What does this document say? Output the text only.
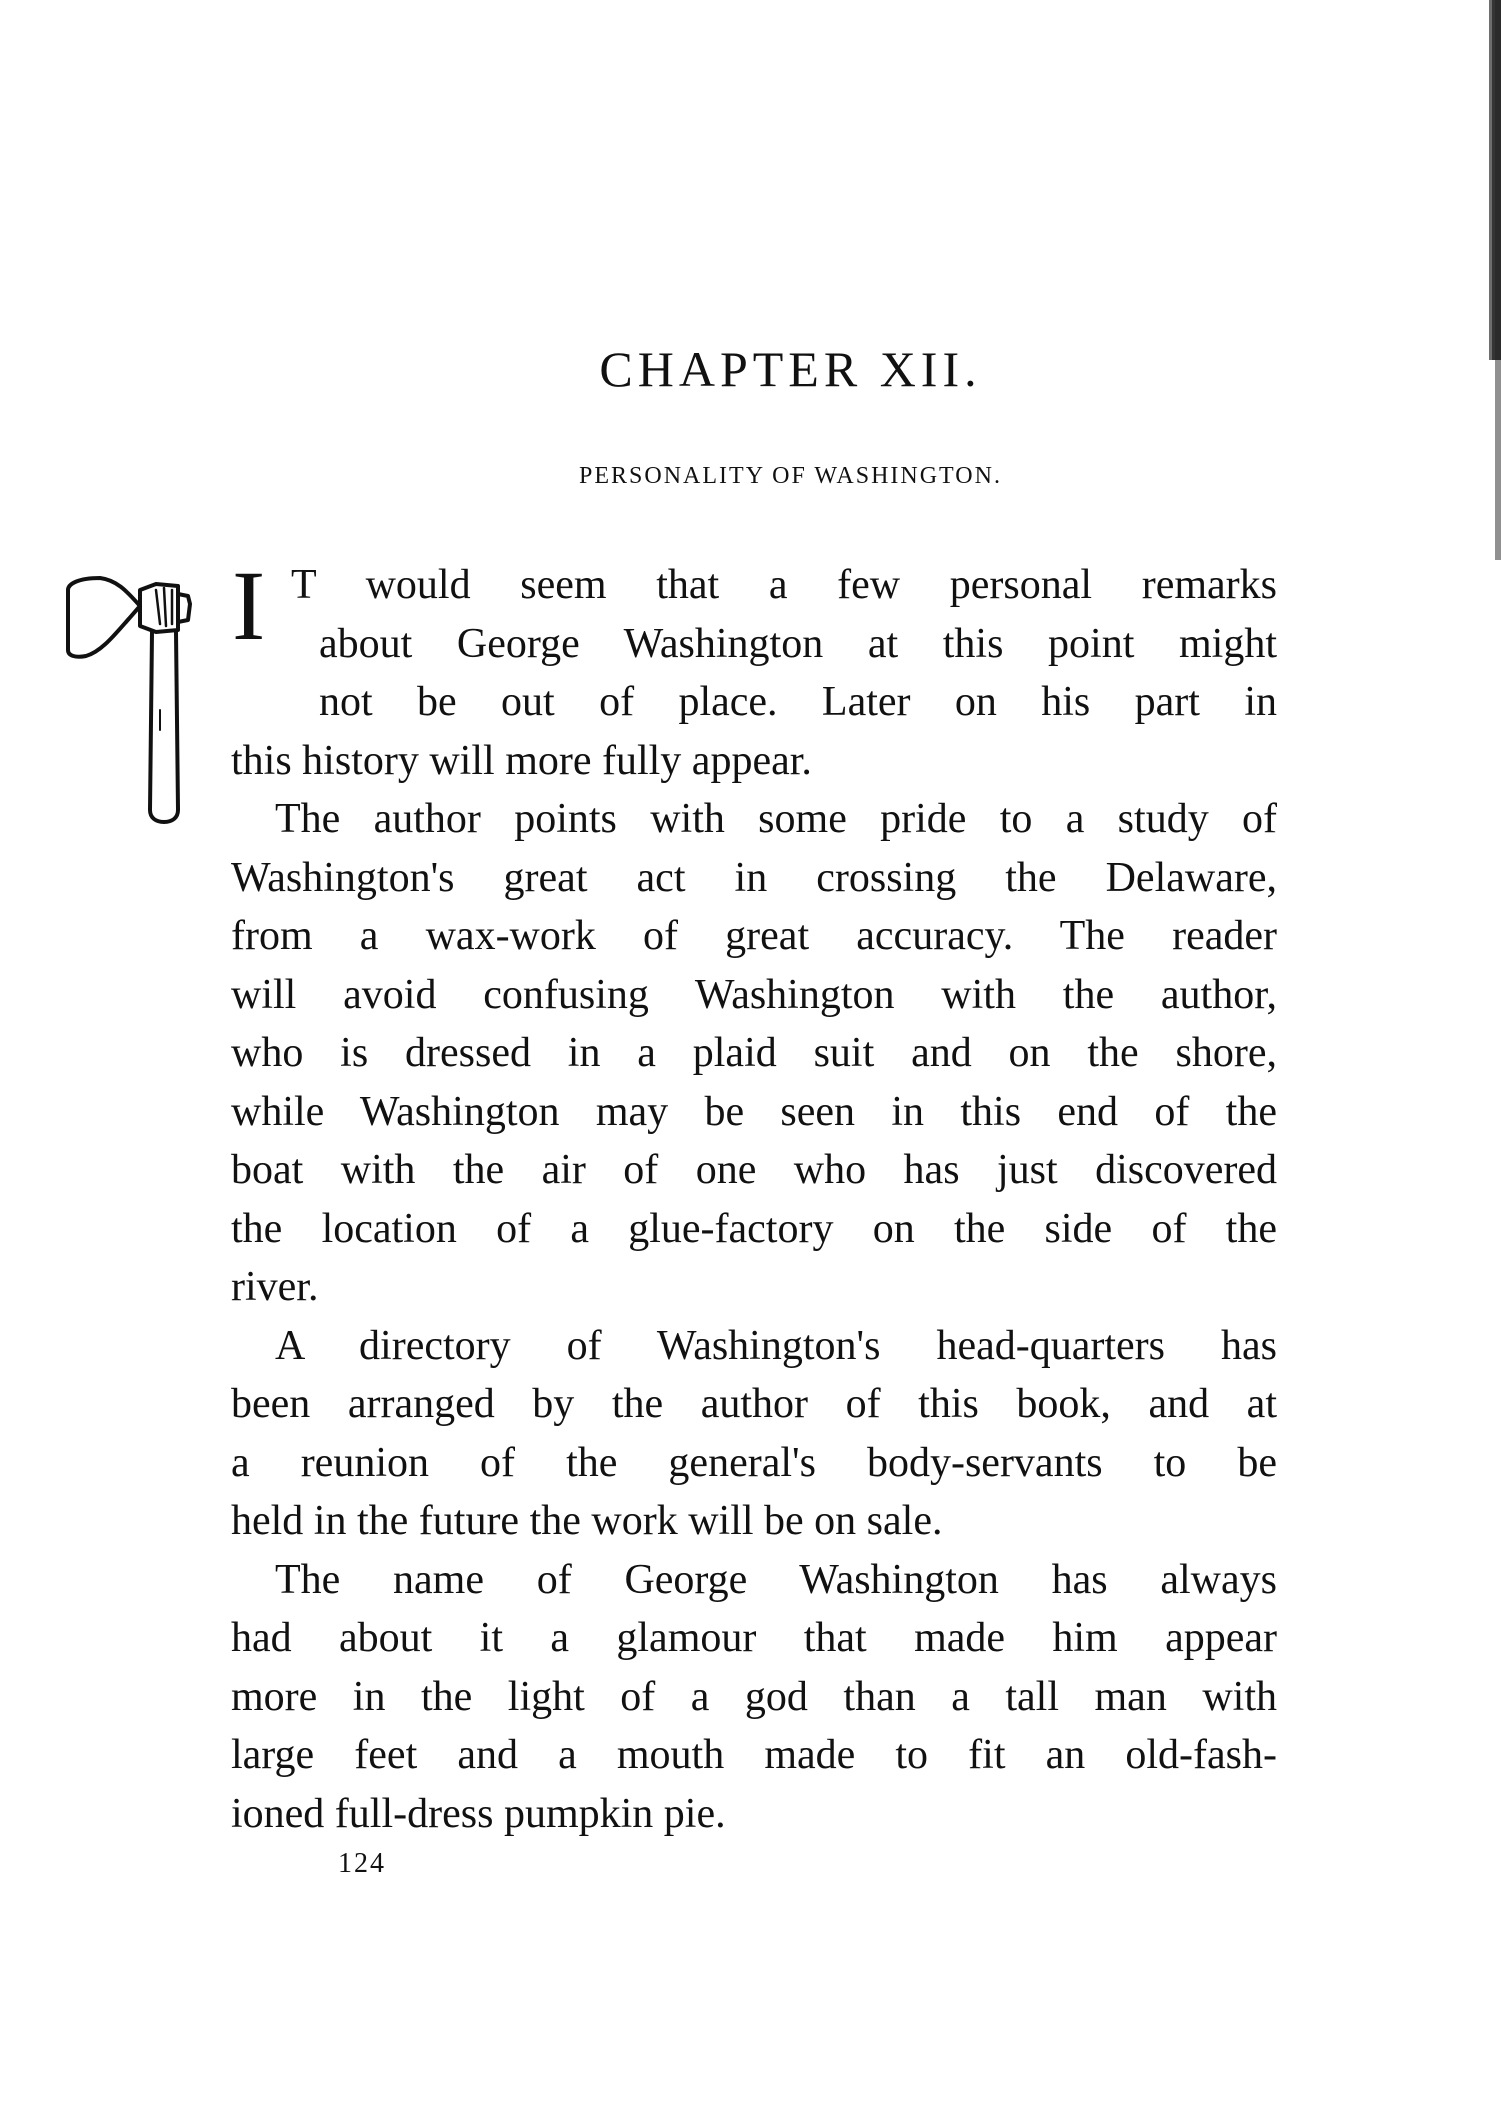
CHAPTER XII.
PERSONALITY OF WASHINGTON.
I T would seem that a few personal remarks
about George Washington at this point might
not be out of place. Later on his part in
this history will more fully appear.
The author points with some pride to a study of
Washington's great act in crossing the Delaware,
from a wax-work of great accuracy. The reader
will avoid confusing Washington with the author,
who is dressed in a plaid suit and on the shore,
while Washington may be seen in this end of the
boat with the air of one who has just discovered
the location of a glue-factory on the side of the
river.
A directory of Washington's head-quarters has
been arranged by the author of this book, and at
a reunion of the general's body-servants to be
held in the future the work will be on sale.
The name of George Washington has always
had about it a glamour that made him appear
more in the light of a god than a tall man with
large feet and a mouth made to fit an old-fash-
ioned full-dress pumpkin pie.
124
